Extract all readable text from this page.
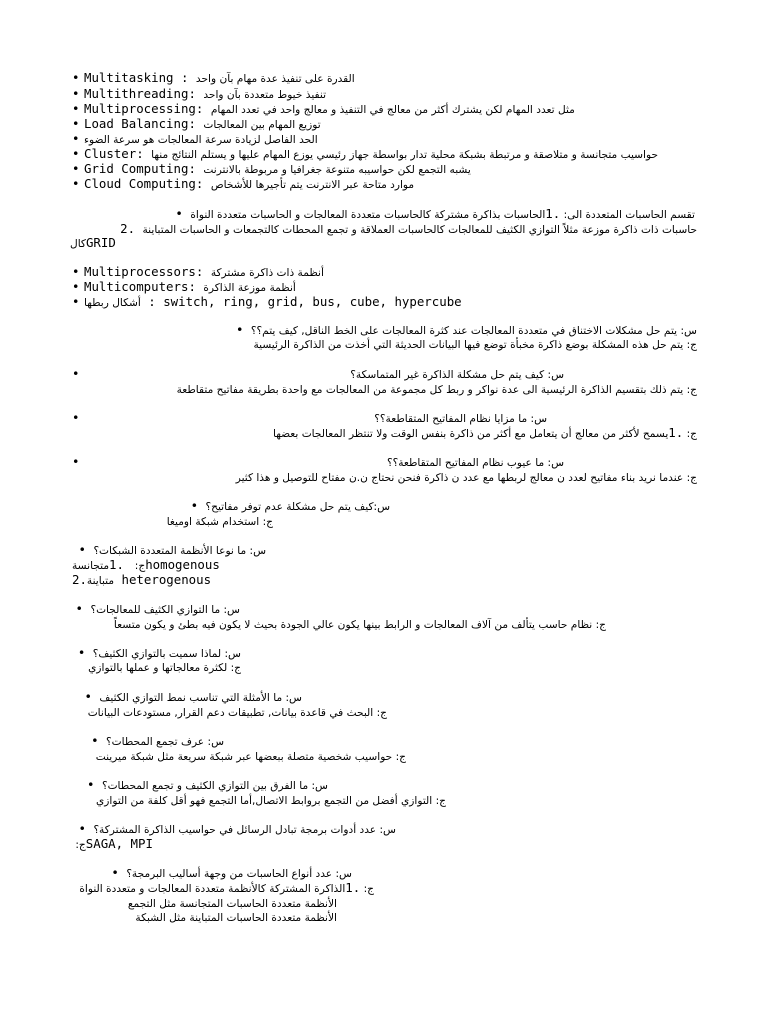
• Multitasking : القدرة على تنفيذ عدة مهام بآن واحد
• Multithreading: تنفيذ خيوط متعددة بآن واحد
• Multiprocessing: مثل تعدد المهام لكن يشترك أكثر من معالج في التنفيذ و معالج واحد في تعدد المهام
• Load Balancing: توزيع المهام بين المعالجات
• الحد الفاصل لزيادة سرعة المعالجات هو سرعة الضوء
• Cluster: حواسيب متجانسة و متلاصقة و مرتبطة بشبكة محلية تدار بواسطة جهاز رئيسي يوزع المهام عليها و يستلم النتائج منها
• Grid Computing: يشبه التجمع لكن حواسيبه متنوعة جغرافيا و مربوطة بالانترنت
• Cloud Computing: موارد متاحة عبر الانترنت يتم تأجيرها للأشخاص
تقسم الحاسبات المتعددة الى: 1.الحاسبات بذاكرة مشتركة كالحاسبات متعددة المعالجات و الحاسبات متعددة النواة •
حاسبات ذات ذاكرة موزعة مثلاً التوازي الكثيف للمعالجات كالحاسبات العملاقة و تجمع المحطات كالتجمعات و الحاسبات المتباينة 2.
كالGRID
• Multiprocessors: أنظمة ذات ذاكرة مشتركة
• Multicomputers: أنظمة موزعة الذاكرة
• أشكال ربطها : switch, ring, grid, bus, cube, hypercube
س: يتم حل مشكلات الاختناق في متعددة المعالجات عند كثرة المعالجات على الخط الناقل, كيف يتم؟؟ •
ج: يتم حل هذه المشكلة بوضع ذاكرة مخبأة توضع فيها البيانات الحديثة التي أخذت من الذاكرة الرئيسية
•	س: كيف يتم حل مشكلة الذاكرة غير المتماسكة؟
ج: يتم ذلك بتقسيم الذاكرة الرئيسية الى عدة نواكر و ربط كل مجموعة من المعالجات مع واحدة بطريقة مفاتيح متقاطعة
•	س: ما مزايا نظام المفاتيح المتقاطعة؟؟
ج: 1.يسمح لأكثر من معالج أن يتعامل مع أكثر من ذاكرة بنفس الوقت ولا تنتظر المعالجات بعضها
•	س: ما عيوب نظام المفاتيح المتقاطعة؟؟
ج: عندما نريد بناء مفاتيح لعدد ن معالج لربطها مع عدد ن ذاكرة فنحن نحتاج ن.ن مفتاح للتوصيل و هذا كثير
س:كيف يتم حل مشكلة عدم توفر مفاتيح؟ •
ج: استخدام شبكة اوميغا
س: ما نوعا الأنظمة المتعددة الشبكات؟ •
متجانسة1. ج: homogenous
2.متباينة heterogenous
س: ما التوازي الكثيف للمعالجات؟ •
ج: نظام حاسب يتألف من آلاف المعالجات و الرابط بينها يكون عالي الجودة بحيث لا يكون فيه بطئ و يكون متسعاً
س: لماذا سميت بالتوازي الكثيف؟ •
ج: لكثرة معالجاتها و عملها بالتوازي
س: ما الأمثلة التي تناسب نمط التوازي الكثيف •
ج: البحث في قاعدة بيانات, تطبيقات دعم القرار, مستودعات البيانات
س: عرف تجمع المحطات؟ •
ج: حواسيب شخصية متصلة ببعضها عبر شبكة سريعة مثل شبكة ميرينت
س: ما الفرق بين التوازي الكثيف و تجمع المحطات؟ •
ج: التوازي أفضل من التجمع بروابط الاتصال,أما التجمع فهو أقل كلفة من التوازي
س: عدد أدوات برمجة تبادل الرسائل في حواسيب الذاكرة المشتركة؟ •
ج: SAGA, MPI
س: عدد أنواع الحاسبات من وجهة أساليب البرمجة؟ •
ج: 1.الذاكرة المشتركة كالأنظمة متعددة المعالجات و متعددة النواة
الأنظمة متعددة الحاسبات المتجانسة مثل التجمع
الأنظمة متعددة الحاسبات المتباينة مثل الشبكة
